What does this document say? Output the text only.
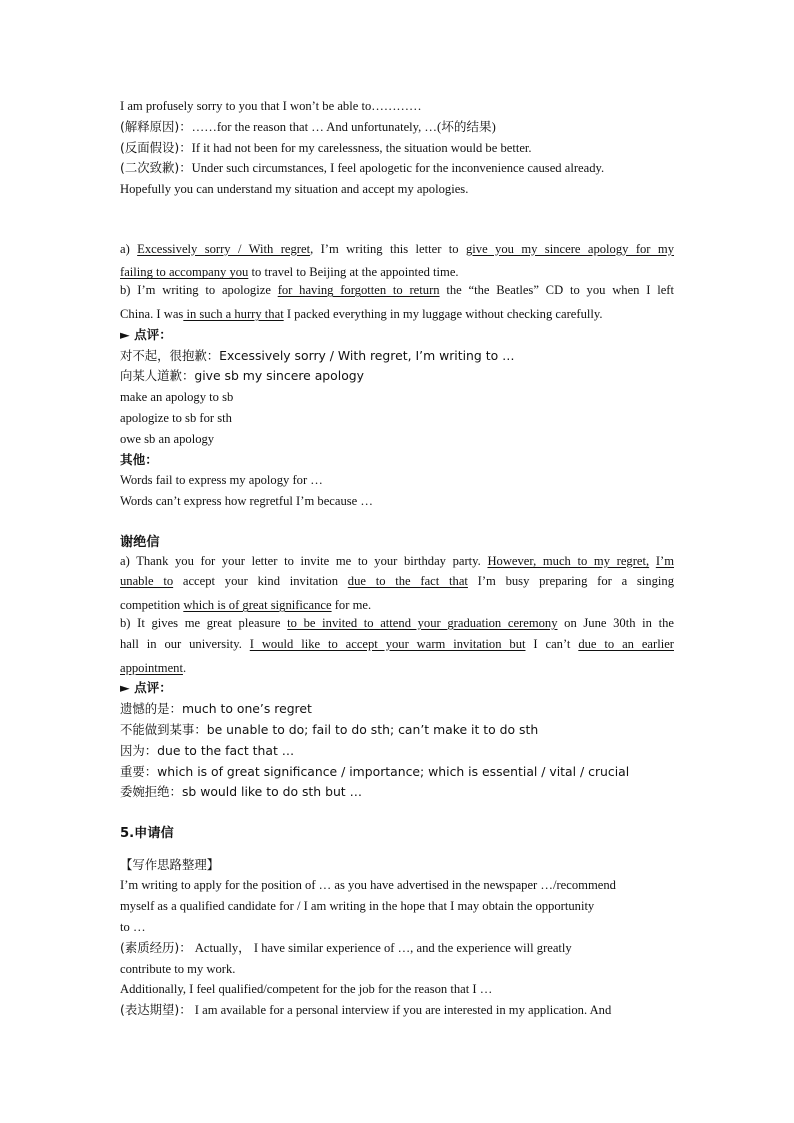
I am profusely sorry to you that I won’t be able to…………
(解释原因)：……for the reason that … And unfortunately, …(坏的结果)
(反面假设)：If it had not been for my carelessness, the situation would be better.
(二次致歉)：Under such circumstances, I feel apologetic for the inconvenience caused already.
Hopefully you can understand my situation and accept my apologies.
a) Excessively sorry / With regret, I’m writing this letter to give you my sincere apology for my
failing to accompany you to travel to Beijing at the appointed time.
b) I’m writing to apologize for having forgotten to return the “the Beatles” CD to you when I left
China. I was in such a hurry that I packed everything in my luggage without checking carefully.
► 点评：
对不起，很抱歉：Excessively sorry / With regret, I’m writing to …
向某人道歉：give sb my sincere apology
make an apology to sb
apologize to sb for sth
owe sb an apology
其他：
Words fail to express my apology for …
Words can’t express how regretful I’m because …
谢绝信
a) Thank you for your letter to invite me to your birthday party. However, much to my regret, I’m
unable to accept your kind invitation due to the fact that I’m busy preparing for a singing
competition which is of great significance for me.
b) It gives me great pleasure to be invited to attend your graduation ceremony on June 30th in the
hall in our university. I would like to accept your warm invitation but I can’t due to an earlier
appointment.
► 点评：
遗憾的是：much to one’s regret
不能做到某事：be unable to do; fail to do sth; can’t make it to do sth
因为：due to the fact that …
重要：which is of great significance / importance; which is essential / vital / crucial
委婉拒绝：sb would like to do sth but …
5.申请信
【写作思路整理】
I’m writing to apply for the position of … as you have advertised in the newspaper …/recommend
myself as a qualified candidate for / I am writing in the hope that I may obtain the opportunity
to …
(素质经历)： Actually， I have similar experience of …, and the experience will greatly
contribute to my work.
Additionally, I feel qualified/competent for the job for the reason that I …
(表达期望)： I am available for a personal interview if you are interested in my application. And
